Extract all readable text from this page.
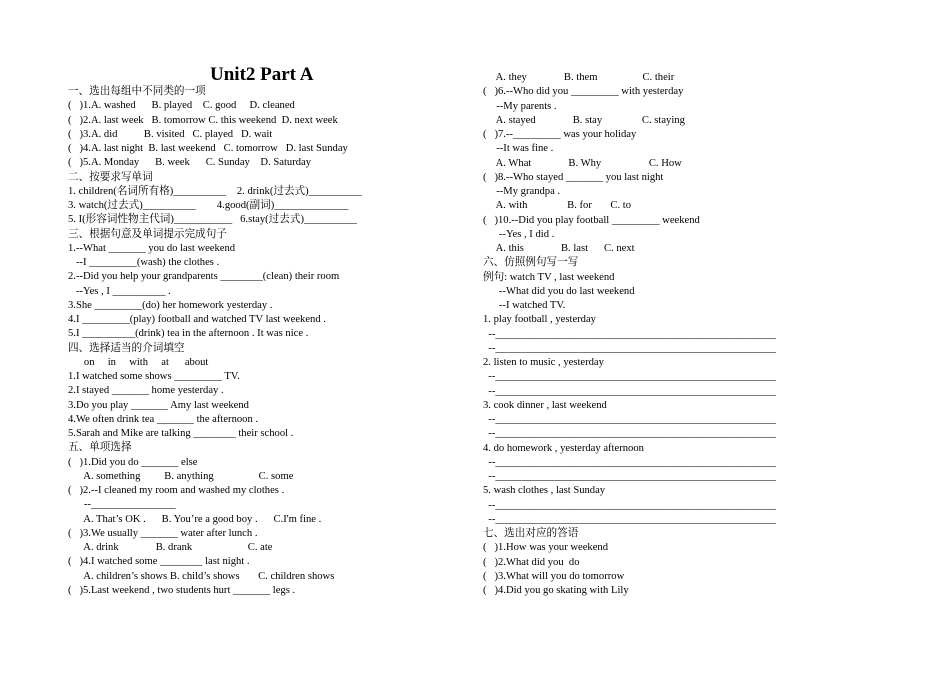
Unit2 Part A
一、选出每组中不同类的一项
(   )1.A. washed      B. played    C. good     D. cleaned
(   )2.A. last week   B. tomorrow C. this weekend  D. next week
(   )3.A. did          B. visited   C. played   D. wait
(   )4.A. last night  B. last weekend   C. tomorrow   D. last Sunday
(   )5.A. Monday      B. week      C. Sunday    D. Saturday
二、按要求写单词
1. children(名词所有格)__________    2. drink(过去式)__________
3. watch(过去式)__________        4.good(副词)______________
5. I(形容词性物主代词)___________   6.stay(过去式)__________
三、根据句意及单词提示完成句子
1.--What _______ you do last weekend
--I _________(wash) the clothes .
2.--Did you help your grandparents ________(clean) their room
--Yes , I __________ .
3.She _________(do) her homework yesterday .
4.I _________(play) football and watched TV last weekend .
5.I __________(drink) tea in the afternoon . It was nice .
四、选择适当的介词填空
on     in     with     at      about
1.I watched some shows _________ TV.
2.I stayed _______ home yesterday .
3.Do you play _______ Amy last weekend
4.We often drink tea _______ the afternoon .
5.Sarah and Mike are talking ________ their school .
五、单项选择
(   )1.Did you do _______ else
A. something         B. anything                 C. some
(   )2.--I cleaned my room and washed my clothes .
--________________
A. That’s OK .      B. You’re a good boy .      C.I'm fine .
(   )3.We usually _______ water after lunch .
A. drink              B. drank                     C. ate
(   )4.I watched some ________ last night .
A. children’s shows B. child’s shows       C. children shows
(   )5.Last weekend , two students hurt _______ legs .
A. they              B. them                 C. their
(   )6.--Who did you _________ with yesterday
--My parents .
A. stayed              B. stay               C. staying
(   )7.--_________ was your holiday
--It was fine .
A. What              B. Why                  C. How
(   )8.--Who stayed _______ you last night
--My grandpa .
A. with               B. for       C. to
(   )10.--Did you play football _________ weekend
--Yes , I did .
A. this              B. last      C. next
六、仿照例句写一写
例句: watch TV , last weekend
--What did you do last weekend
--I watched TV.
1. play football , yesterday
--_____________________________________________________
--_____________________________________________________
2. listen to music , yesterday
--_____________________________________________________
--_____________________________________________________
3. cook dinner , last weekend
--_____________________________________________________
--_____________________________________________________
4. do homework , yesterday afternoon
--_____________________________________________________
--_____________________________________________________
5. wash clothes , last Sunday
--_____________________________________________________
--_____________________________________________________
七、选出对应的答语
(   )1.How was your weekend
(   )2.What did you  do
(   )3.What will you do tomorrow
(   )4.Did you go skating with Lily
